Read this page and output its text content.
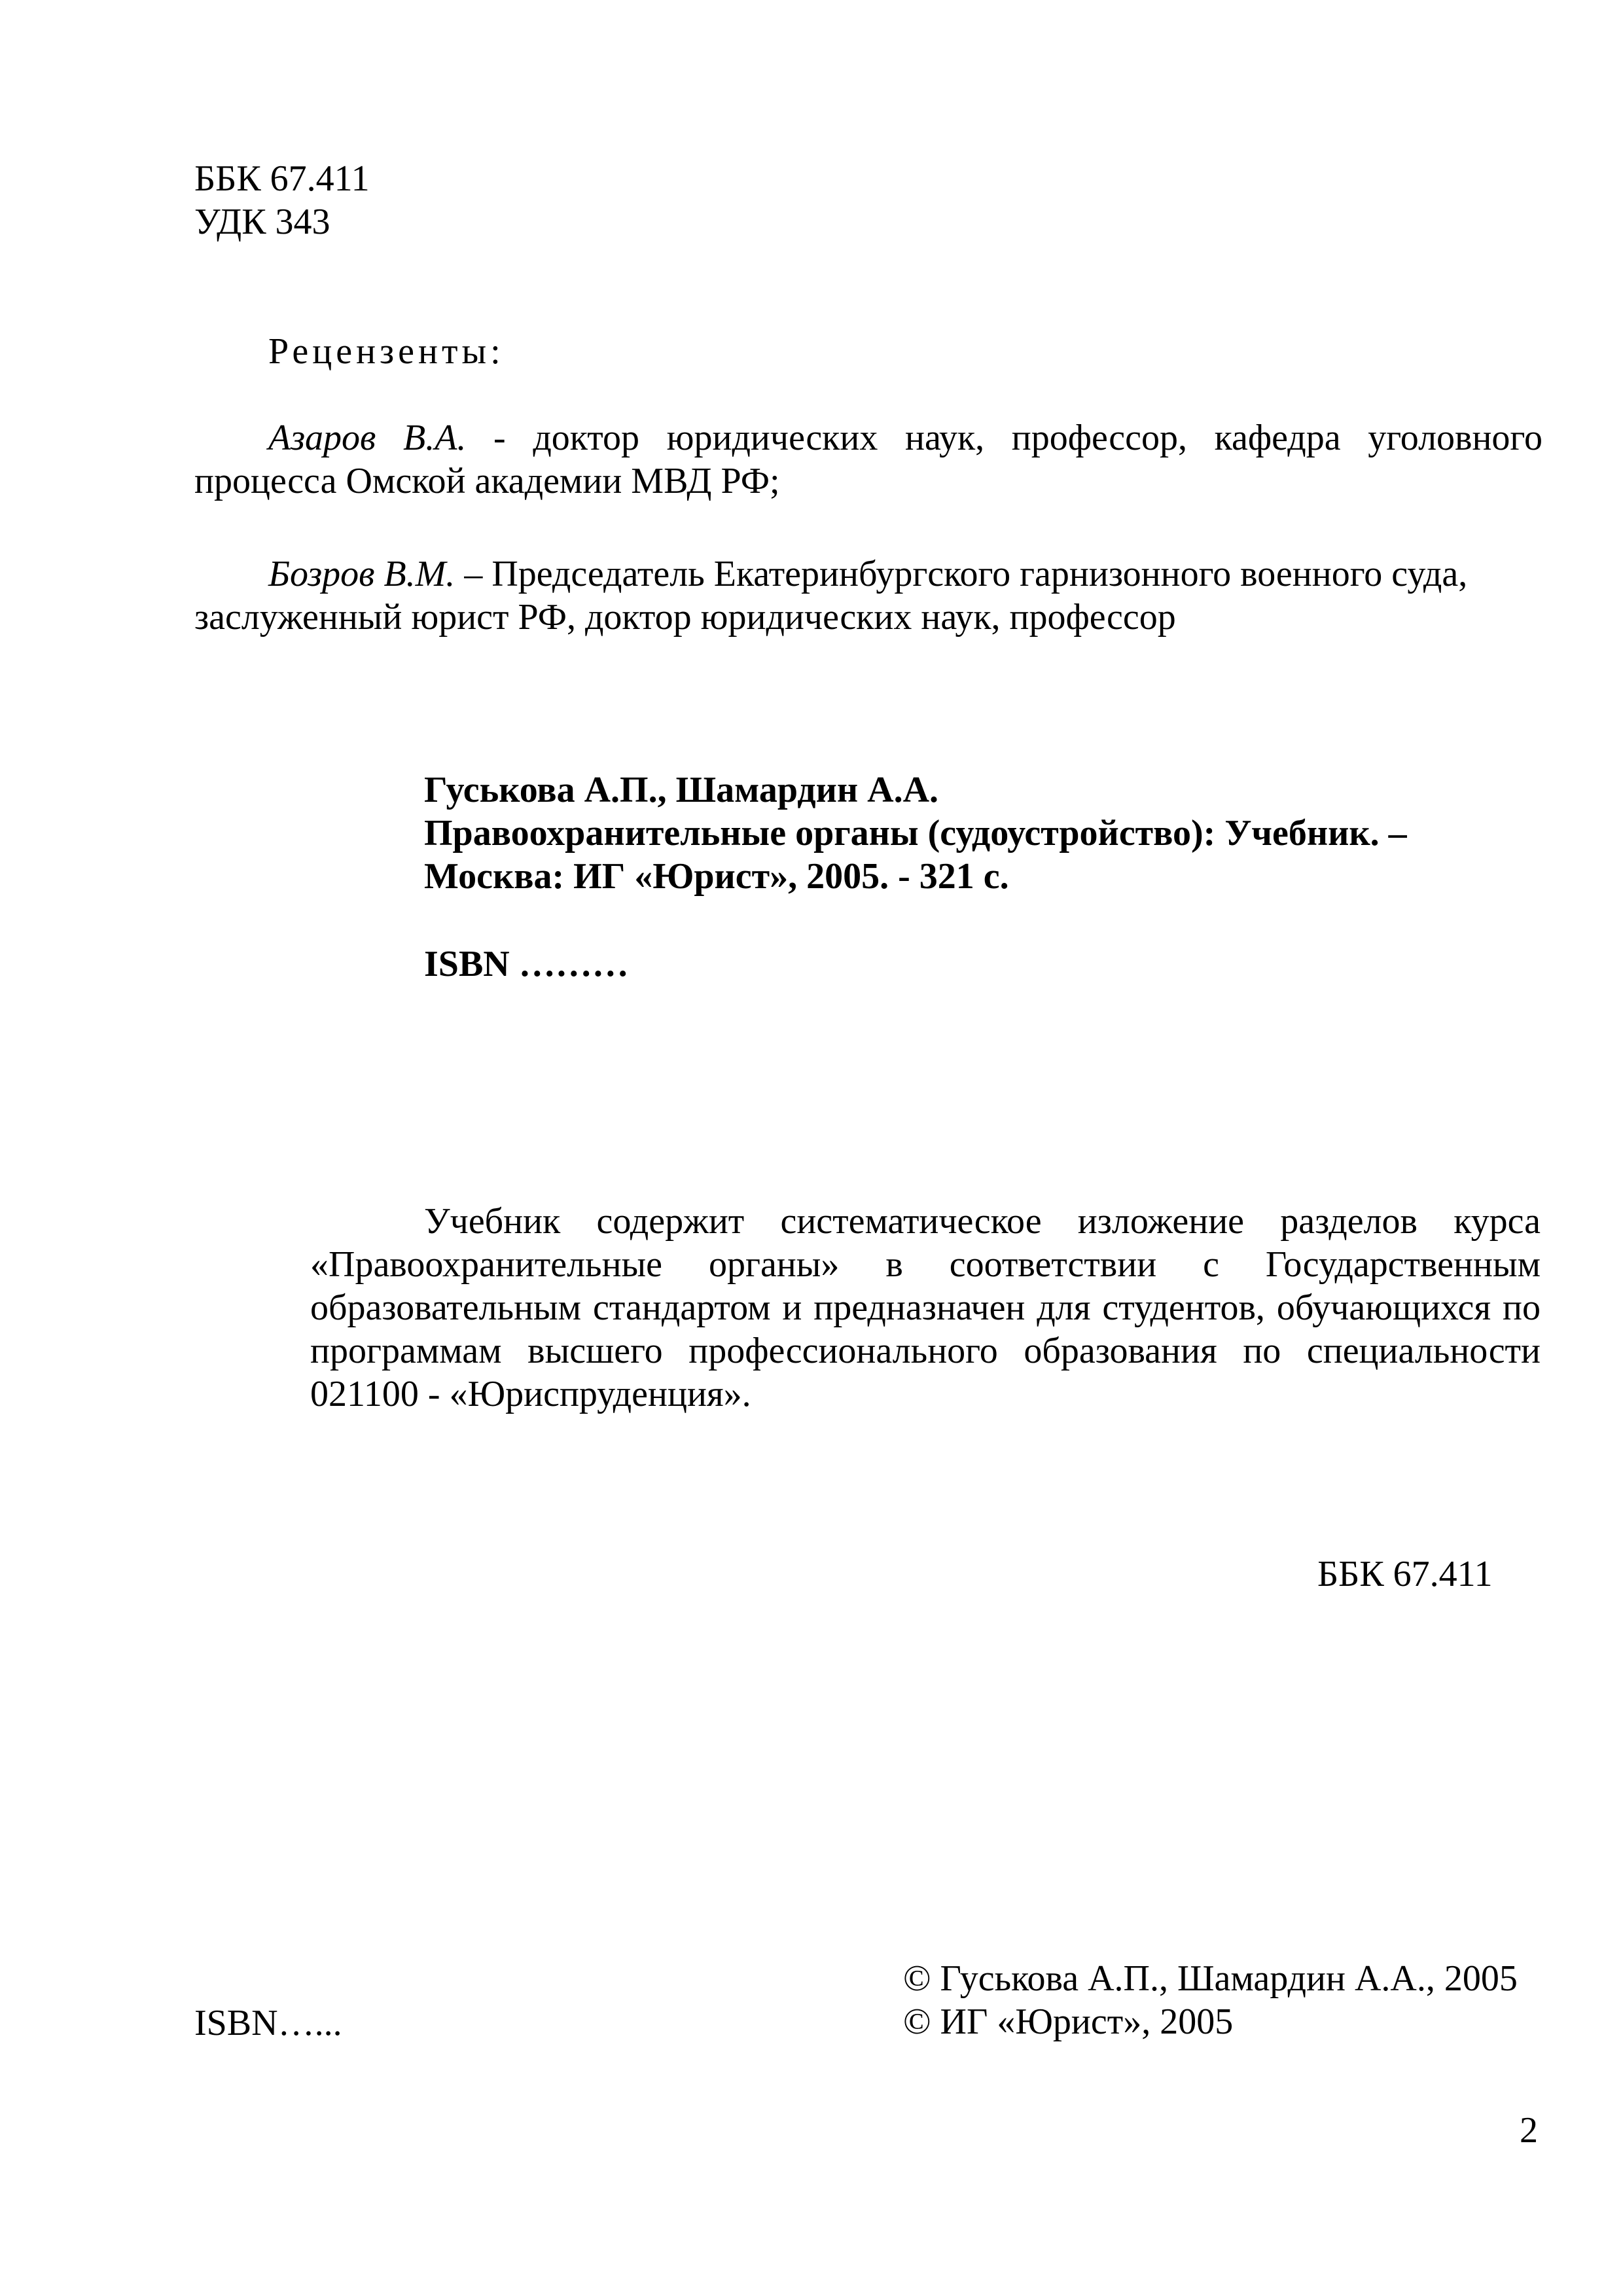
ББК 67.411
УДК 343

Рецензенты:

Азаров В.А. - доктор юридических наук, профессор, кафедра уголовного процесса Омской академии МВД РФ;

Бозров В.М. – Председатель Екатеринбургского гарнизонного военного суда, заслуженный юрист РФ, доктор юридических наук, профессор

Гуськова А.П., Шамардин А.А.
Правоохранительные органы (судоустройство): Учебник. –
Москва: ИГ «Юрист», 2005. - 321 с.

ISBN ………

Учебник содержит систематическое изложение разделов курса «Правоохранительные органы» в соответствии с Государственным образовательным стандартом и предназначен для студентов, обучающихся по программам высшего профессионального образования по специальности 021100 - «Юриспруденция».

ББК 67.411

ISBN…...

© Гуськова А.П., Шамардин А.А., 2005
© ИГ «Юрист», 2005

2
